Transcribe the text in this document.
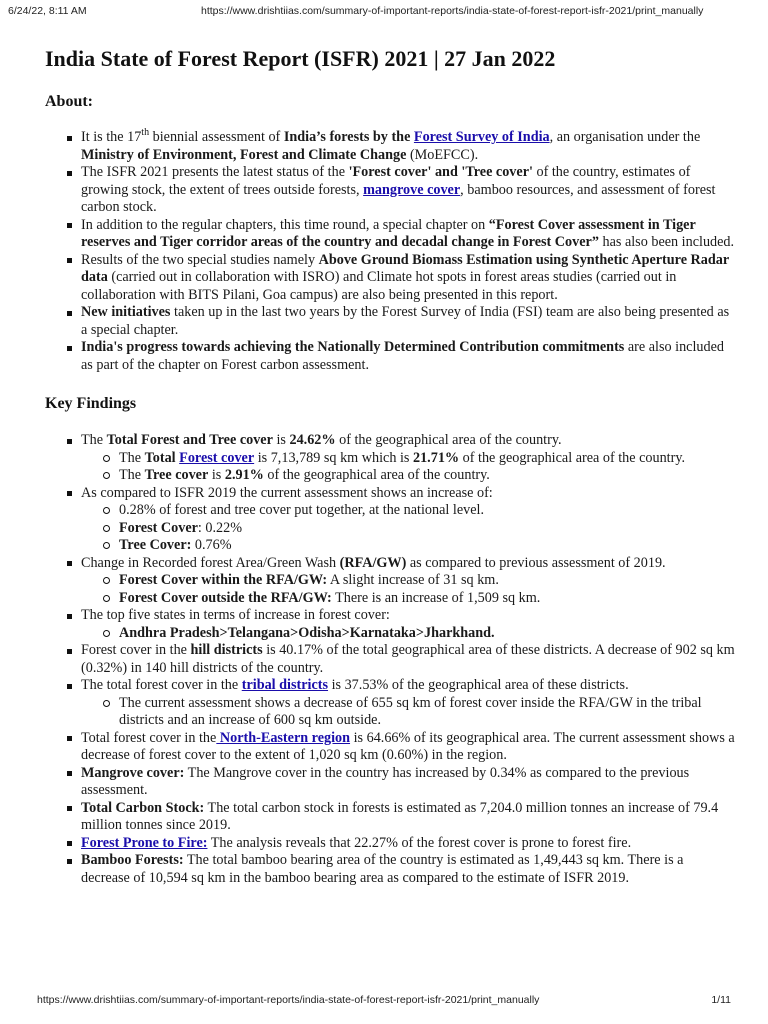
6/24/22, 8:11 AM	https://www.drishtiias.com/summary-of-important-reports/india-state-of-forest-report-isfr-2021/print_manually
India State of Forest Report (ISFR) 2021 | 27 Jan 2022
About:
It is the 17th biennial assessment of India’s forests by the Forest Survey of India, an organisation under the Ministry of Environment, Forest and Climate Change (MoEFCC).
The ISFR 2021 presents the latest status of the 'Forest cover' and 'Tree cover' of the country, estimates of growing stock, the extent of trees outside forests, mangrove cover, bamboo resources, and assessment of forest carbon stock.
In addition to the regular chapters, this time round, a special chapter on “Forest Cover assessment in Tiger reserves and Tiger corridor areas of the country and decadal change in Forest Cover” has also been included.
Results of the two special studies namely Above Ground Biomass Estimation using Synthetic Aperture Radar data (carried out in collaboration with ISRO) and Climate hot spots in forest areas studies (carried out in collaboration with BITS Pilani, Goa campus) are also being presented in this report.
New initiatives taken up in the last two years by the Forest Survey of India (FSI) team are also being presented as a special chapter.
India's progress towards achieving the Nationally Determined Contribution commitments are also included as part of the chapter on Forest carbon assessment.
Key Findings
The Total Forest and Tree cover is 24.62% of the geographical area of the country.
The Total Forest cover is 7,13,789 sq km which is 21.71% of the geographical area of the country.
The Tree cover is 2.91% of the geographical area of the country.
As compared to ISFR 2019 the current assessment shows an increase of:
0.28% of forest and tree cover put together, at the national level.
Forest Cover: 0.22%
Tree Cover: 0.76%
Change in Recorded forest Area/Green Wash (RFA/GW) as compared to previous assessment of 2019.
Forest Cover within the RFA/GW: A slight increase of 31 sq km.
Forest Cover outside the RFA/GW: There is an increase of 1,509 sq km.
The top five states in terms of increase in forest cover:
Andhra Pradesh>Telangana>Odisha>Karnataka>Jharkhand.
Forest cover in the hill districts is 40.17% of the total geographical area of these districts. A decrease of 902 sq km (0.32%) in 140 hill districts of the country.
The total forest cover in the tribal districts is 37.53% of the geographical area of these districts.
The current assessment shows a decrease of 655 sq km of forest cover inside the RFA/GW in the tribal districts and an increase of 600 sq km outside.
Total forest cover in the North-Eastern region is 64.66% of its geographical area. The current assessment shows a decrease of forest cover to the extent of 1,020 sq km (0.60%) in the region.
Mangrove cover: The Mangrove cover in the country has increased by 0.34% as compared to the previous assessment.
Total Carbon Stock: The total carbon stock in forests is estimated as 7,204.0 million tonnes an increase of 79.4 million tonnes since 2019.
Forest Prone to Fire: The analysis reveals that 22.27% of the forest cover is prone to forest fire.
Bamboo Forests: The total bamboo bearing area of the country is estimated as 1,49,443 sq km. There is a decrease of 10,594 sq km in the bamboo bearing area as compared to the estimate of ISFR 2019.
https://www.drishtiias.com/summary-of-important-reports/india-state-of-forest-report-isfr-2021/print_manually	1/11
